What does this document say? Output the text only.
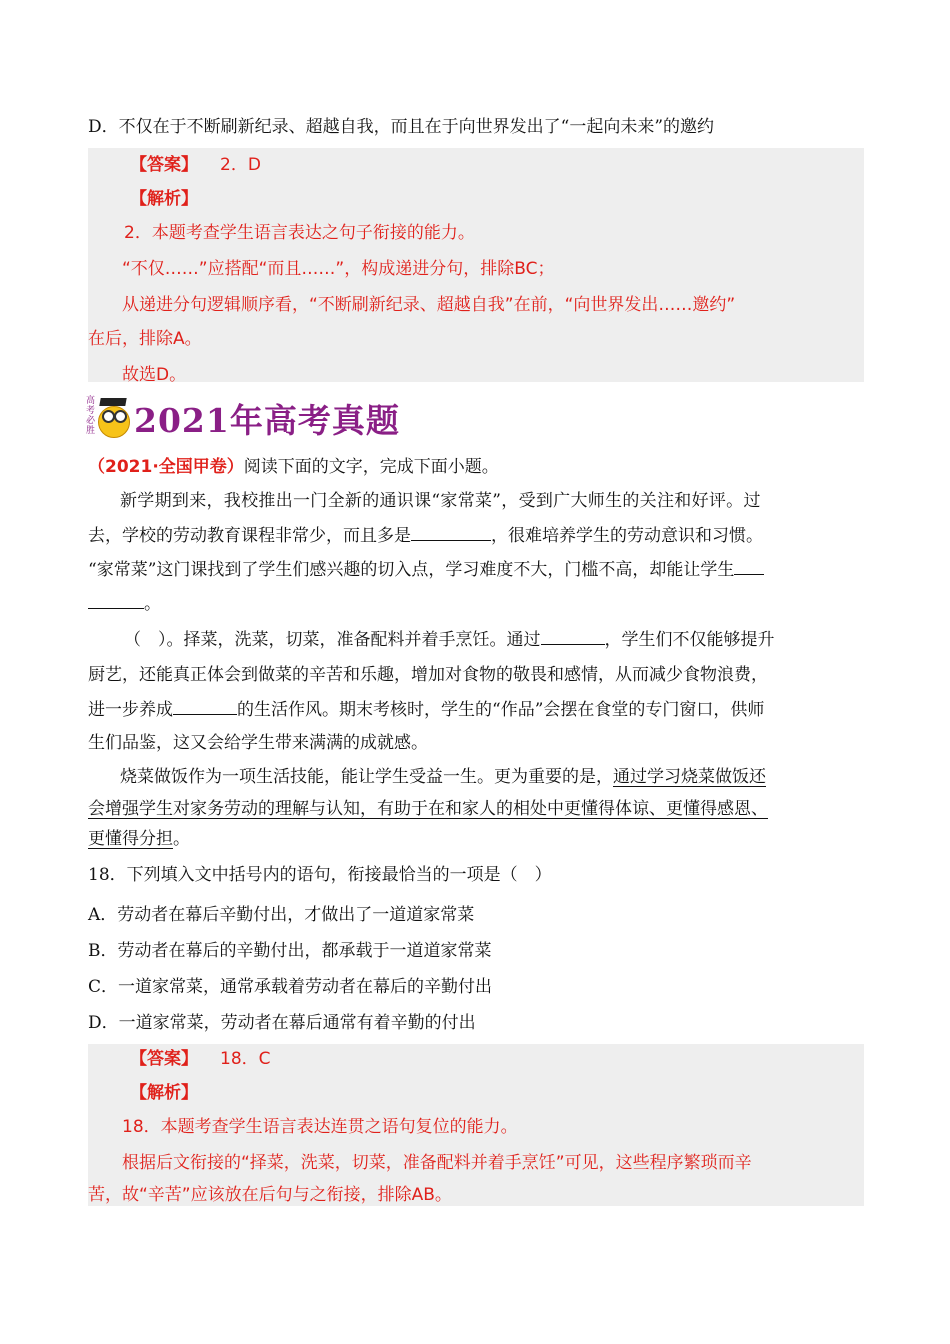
D．不仅在于不断刷新纪录、超越自我，而且在于向世界发出了“一起向未来”的邀约
【答案】 2．D
【解析】
2．本题考查学生语言表达之句子衔接的能力。
“不仅……”应搭配“而且……”，构成递进分句，排除BC；
从递进分句逻辑顺序看，“不断刷新纪录、超越自我”在前，“向世界发出……邀约”
在后，排除A。
故选D。
高考必胜 2021年高考真题
（2021·全国甲卷）阅读下面的文字，完成下面小题。
新学期到来，我校推出一门全新的通识课“家常菜”，受到广大师生的关注和好评。过
去，学校的劳动教育课程非常少，而且多是	，很难培养学生的劳动意识和习惯。
“家常菜”这门课找到了学生们感兴趣的切入点，学习难度不大，门槛不高，却能让学生
。
（　）。择菜，洗菜，切菜，准备配料并着手烹饪。通过	，学生们不仅能够提升
厨艺，还能真正体会到做菜的辛苦和乐趣，增加对食物的敬畏和感情，从而减少食物浪费，
进一步养成	的生活作风。期末考核时，学生的“作品”会摆在食堂的专门窗口，供师
生们品鉴，这又会给学生带来满满的成就感。
烧菜做饭作为一项生活技能，能让学生受益一生。更为重要的是，通过学习烧菜做饭还
会增强学生对家务劳动的理解与认知，有助于在和家人的相处中更懂得体谅、更懂得感恩、
更懂得分担。
18．下列填入文中括号内的语句，衔接最恰当的一项是（　）
A．劳动者在幕后辛勤付出，才做出了一道道家常菜
B．劳动者在幕后的辛勤付出，都承载于一道道家常菜
C．一道家常菜，通常承载着劳动者在幕后的辛勤付出
D．一道家常菜，劳动者在幕后通常有着辛勤的付出
【答案】 18．C
【解析】
18．本题考查学生语言表达连贯之语句复位的能力。
根据后文衔接的“择菜，洗菜，切菜，准备配料并着手烹饪”可见，这些程序繁琐而辛
苦，故“辛苦”应该放在后句与之衔接，排除AB。
